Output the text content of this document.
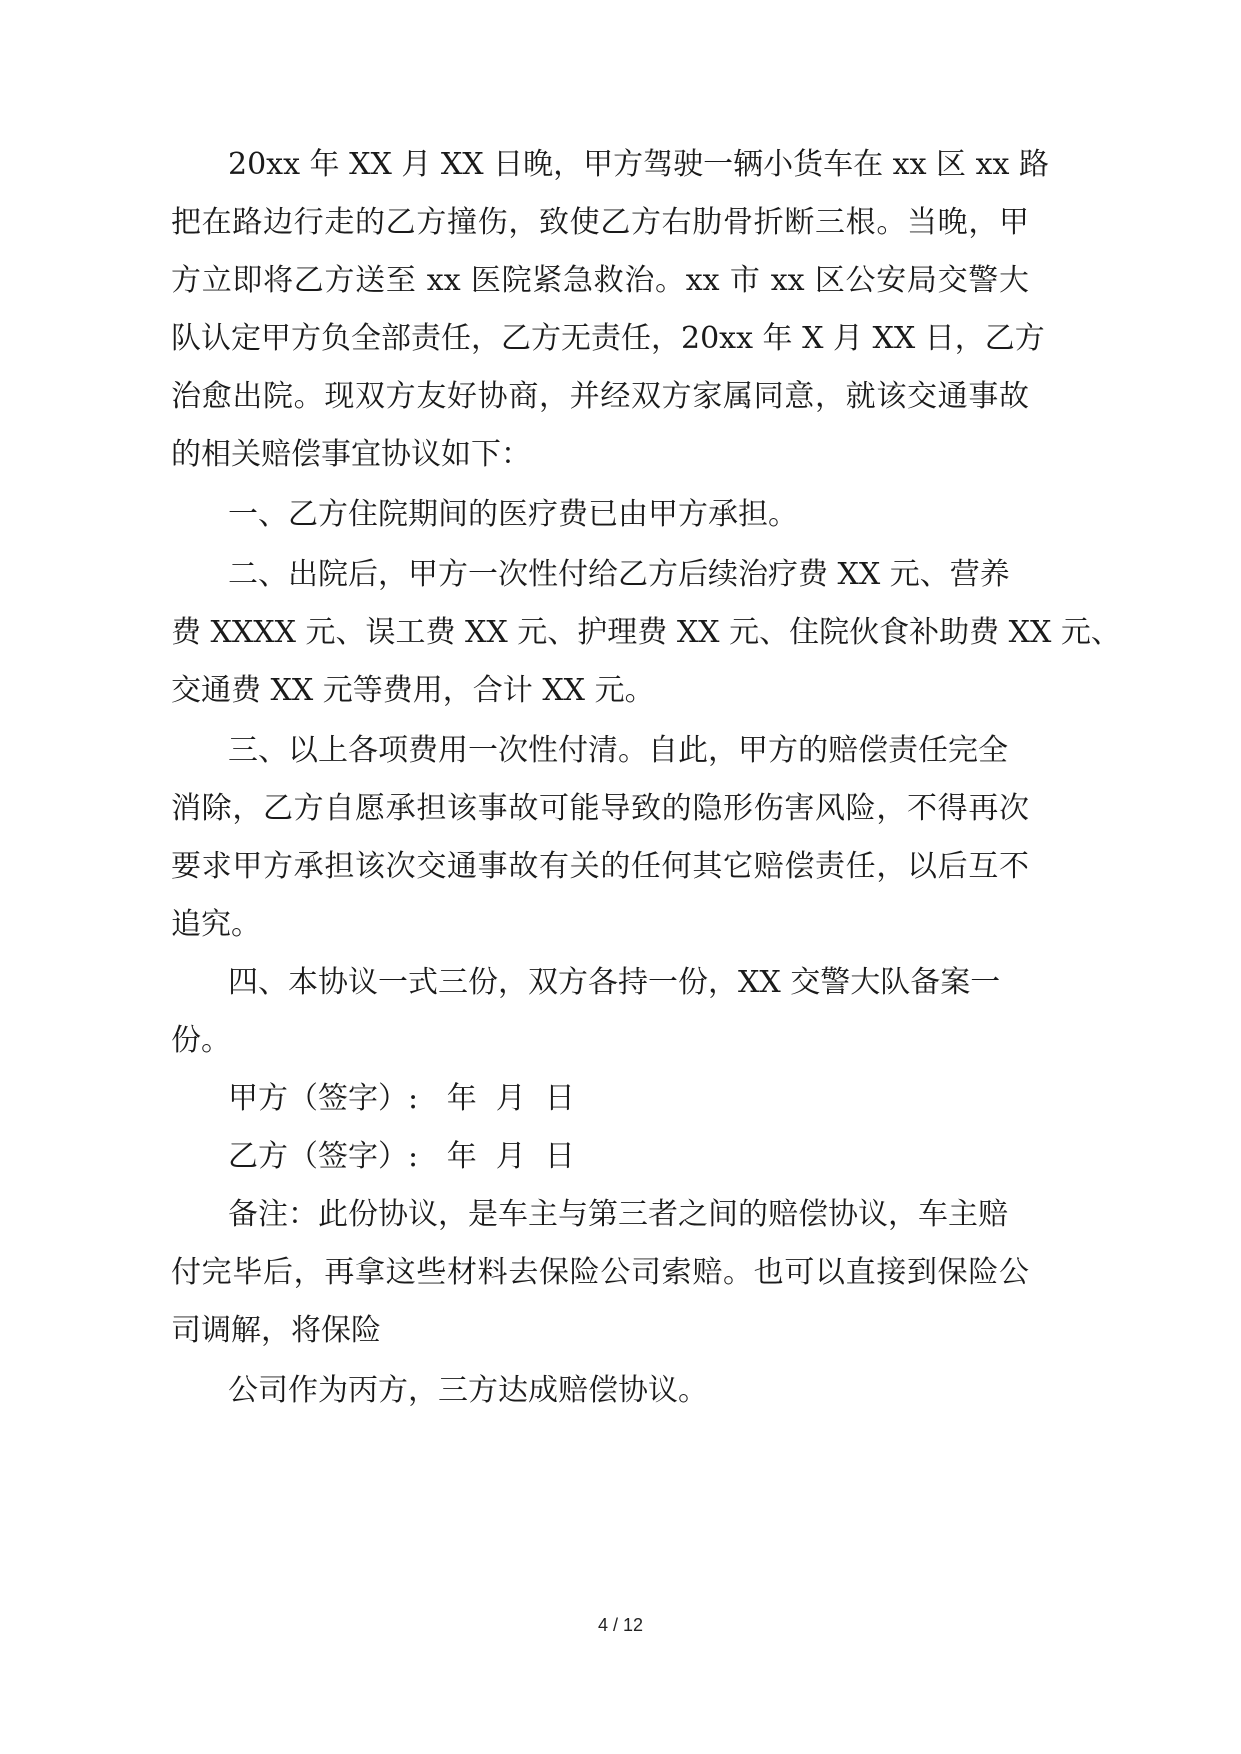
20xx 年 XX 月 XX 日晚，甲方驾驶一辆小货车在 xx 区 xx 路
把在路边行走的乙方撞伤，致使乙方右肋骨折断三根。当晚，甲
方立即将乙方送至 xx 医院紧急救治。xx 市 xx 区公安局交警大
队认定甲方负全部责任，乙方无责任，20xx 年 X 月 XX 日，乙方
治愈出院。现双方友好协商，并经双方家属同意，就该交通事故
的相关赔偿事宜协议如下：
一、乙方住院期间的医疗费已由甲方承担。
二、出院后，甲方一次性付给乙方后续治疗费 XX 元、营养
费 XXXX 元、误工费 XX 元、护理费 XX 元、住院伙食补助费 XX 元、
交通费 XX 元等费用，合计 XX 元。
三、以上各项费用一次性付清。自此，甲方的赔偿责任完全
消除，乙方自愿承担该事故可能导致的隐形伤害风险，不得再次
要求甲方承担该次交通事故有关的任何其它赔偿责任，以后互不
追究。
四、本协议一式三份，双方各持一份，XX 交警大队备案一
份。
甲方（签字）:   年  月  日
乙方（签字）:   年  月  日
备注：此份协议，是车主与第三者之间的赔偿协议，车主赔
付完毕后，再拿这些材料去保险公司索赔。也可以直接到保险公
司调解，将保险
公司作为丙方，三方达成赔偿协议。
4 / 12
